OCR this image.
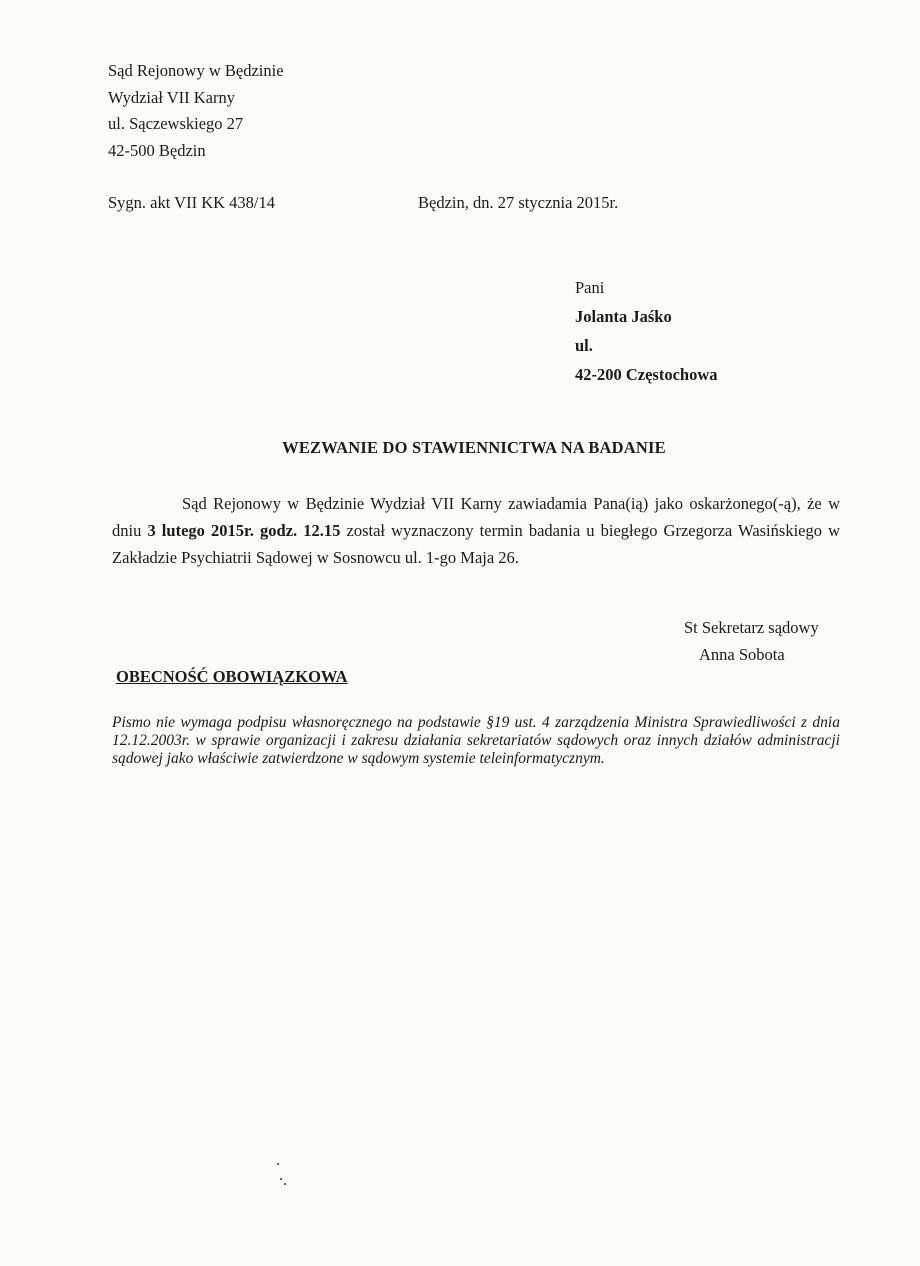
Sąd Rejonowy w Będzinie
Wydział VII Karny
ul. Sączewskiego 27
42-500 Będzin
Sygn. akt VII KK 438/14	Będzin, dn. 27 stycznia 2015r.
Pani
Jolanta Jaśko
ul.
42-200 Częstochowa
WEZWANIE DO STAWIENNICTWA NA BADANIE

Sąd Rejonowy w Będzinie Wydział VII Karny zawiadamia Pana(ią) jako oskarżonego(-ą), że w dniu 3 lutego 2015r. godz. 12.15 został wyznaczony termin badania u biegłego Grzegorza Wasińskiego w Zakładzie Psychiatrii Sądowej w Sosnowcu ul. 1-go Maja 26.

St Sekretarz sądowy
Anna Sobota
OBECNOŚĆ OBOWIĄZKOWA

Pismo nie wymaga podpisu własnoręcznego na podstawie §19 ust. 4 zarządzenia Ministra Sprawiedliwości z dnia 12.12.2003r. w sprawie organizacji i zakresu działania sekretariatów sądowych oraz innych działów administracji sądowej jako właściwie zatwierdzone w sądowym systemie teleinformatycznym.
